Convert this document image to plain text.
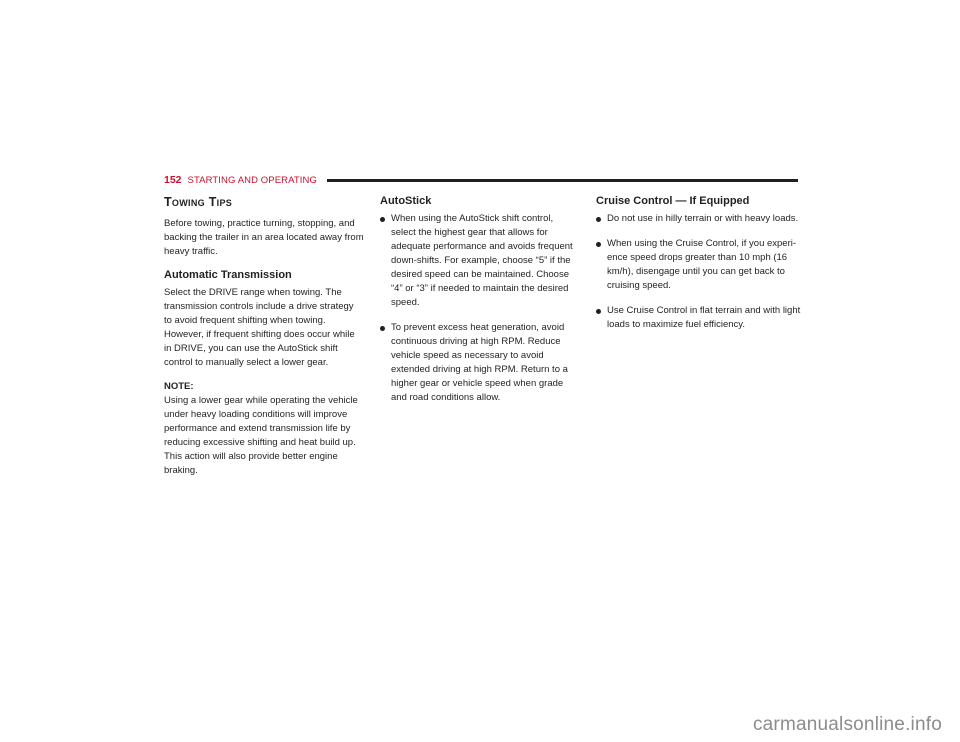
152 STARTING AND OPERATING
Towing Tips

Before towing, practice turning, stopping, and backing the trailer in an area located away from heavy traffic.

Automatic Transmission

Select the DRIVE range when towing. The transmission controls include a drive strategy to avoid frequent shifting when towing. However, if frequent shifting does occur while in DRIVE, you can use the AutoStick shift control to manually select a lower gear.

NOTE:
Using a lower gear while operating the vehicle under heavy loading conditions will improve performance and extend transmission life by reducing excessive shifting and heat build up. This action will also provide better engine braking.

AutoStick
When using the AutoStick shift control, select the highest gear that allows for adequate performance and avoids frequent down-shifts. For example, choose “5” if the desired speed can be maintained. Choose “4” or “3” if needed to maintain the desired speed.
To prevent excess heat generation, avoid continuous driving at high RPM. Reduce vehicle speed as necessary to avoid extended driving at high RPM. Return to a higher gear or vehicle speed when grade and road conditions allow.
Cruise Control — If Equipped
Do not use in hilly terrain or with heavy loads.
When using the Cruise Control, if you experi-ence speed drops greater than 10 mph (16 km/h), disengage until you can get back to cruising speed.
Use Cruise Control in flat terrain and with light loads to maximize fuel efficiency.
carmanualsonline.info
